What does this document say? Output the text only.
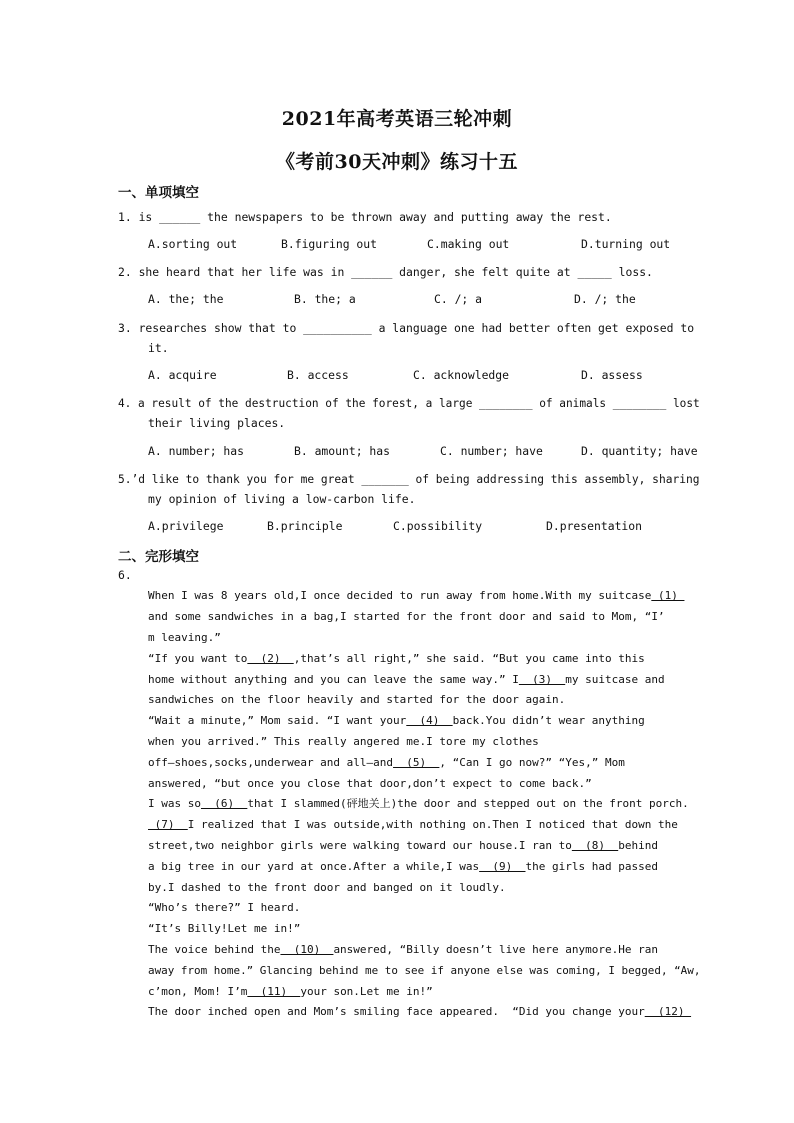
2021年高考英语三轮冲刺
《考前30天冲刺》练习十五
一、单项填空
1. is ______ the newspapers to be thrown away and putting away the rest.
A.sorting out	B.figuring out	C.making out	D.turning out
2. she heard that her life was in ______ danger, she felt quite at _____ loss.
A. the; the	B. the; a	C. /; a	D. /; the
3. researches show that to __________ a language one had better often get exposed to
it.
A. acquire	B. access	C. acknowledge	D. assess
4. a result of the destruction of the forest, a large ________ of animals ________ lost
their living places.
A. number; has	B. amount; has	C. number; have	D. quantity; have
5.’d like to thank you for me great _______ of being addressing this assembly, sharing
my opinion of living a low-carbon life.
A.privilege	B.principle	C.possibility	D.presentation
二、完形填空
6.
When I was 8 years old,I once decided to run away from home.With my suitcase (1)
and some sandwiches in a bag,I started for the front door and said to Mom, “I’
m leaving.”
“If you want to  (2)  ,that’s all right,” she said. “But you came into this
home without anything and you can leave the same way.” I  (3)  my suitcase and
sandwiches on the floor heavily and started for the door again.
“Wait a minute,” Mom said. “I want your  (4)  back.You didn’t wear anything
when you arrived.” This really angered me.I tore my clothes
off—shoes,socks,underwear and all—and  (5)  , “Can I go now?” “Yes,” Mom
answered, “but once you close that door,don’t expect to come back.”
I was so  (6)  that I slammed(砰地关上)the door and stepped out on the front porch.
(7)  I realized that I was outside,with nothing on.Then I noticed that down the
street,two neighbor girls were walking toward our house.I ran to  (8)  behind
a big tree in our yard at once.After a while,I was  (9)  the girls had passed
by.I dashed to the front door and banged on it loudly.
“Who’s there?” I heard.
“It’s Billy!Let me in!”
The voice behind the  (10)  answered, “Billy doesn’t live here anymore.He ran
away from home.” Glancing behind me to see if anyone else was coming, I begged, “Aw,
c’mon, Mom! I’m  (11)  your son.Let me in!”
The door inched open and Mom’s smiling face appeared.  “Did you change your  (12)
